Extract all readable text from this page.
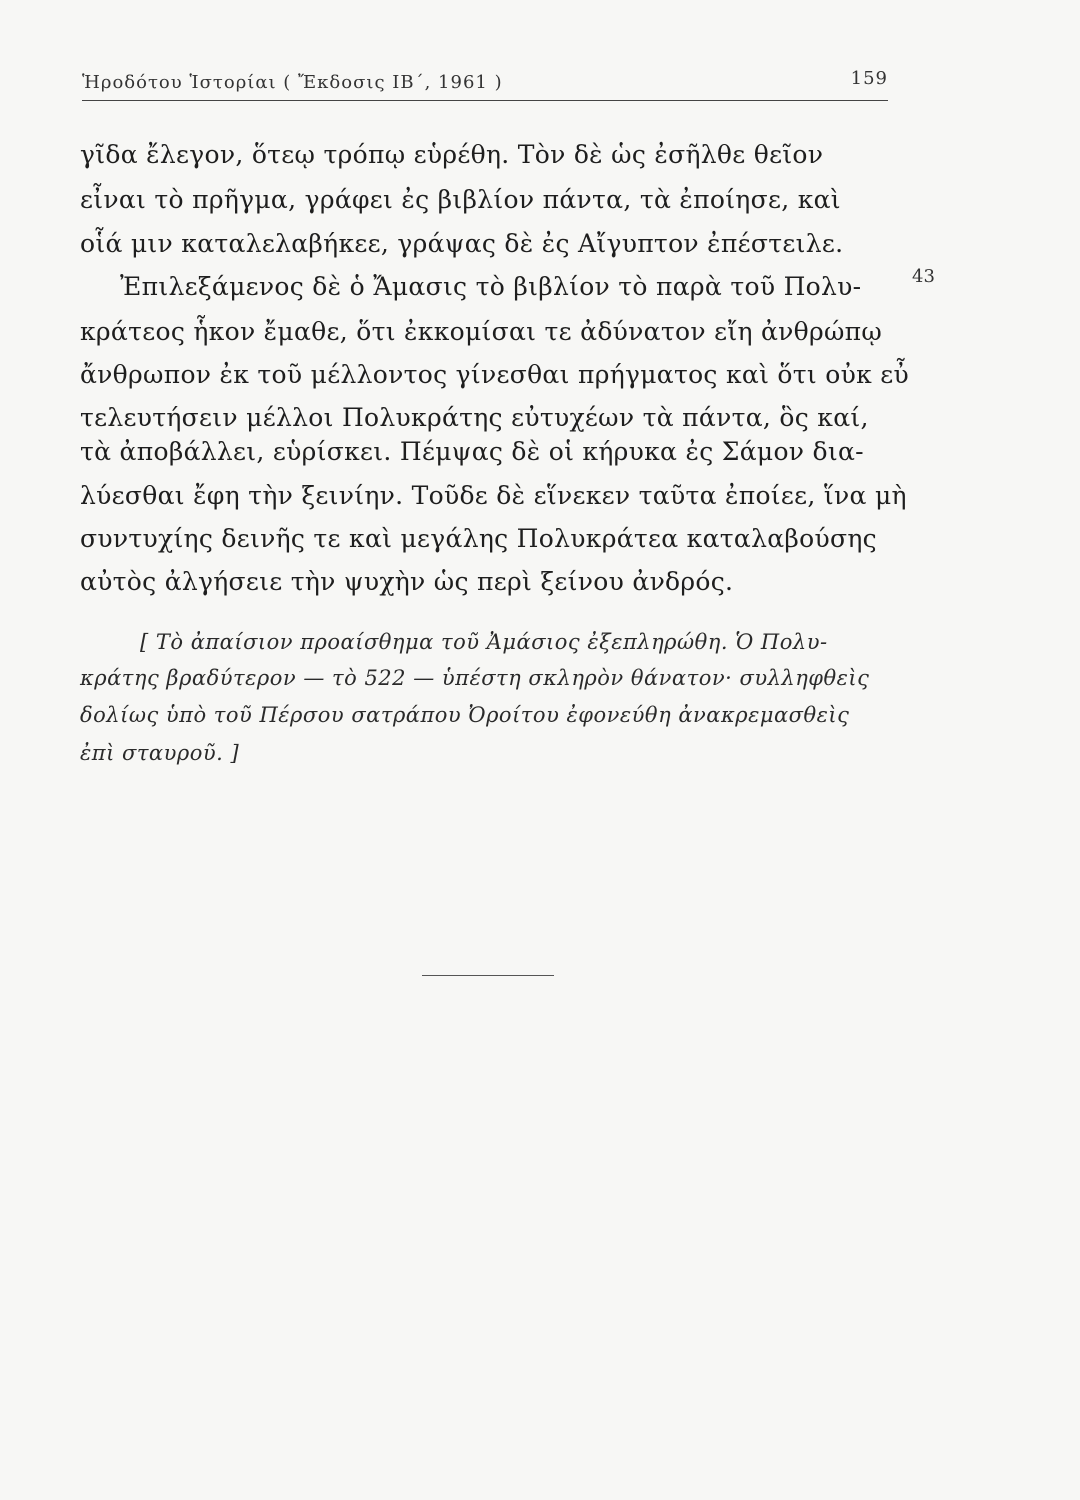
Ἡροδότου Ἱστορίαι ( Ἔκδοσις ΙΒ΄, 1961 )	159
γῖδα ἔλεγον, ὅτεῳ τρόπῳ εὑρέθη. Τὸν δὲ ὡς ἐσῆλθε θεῖον
εἶναι τὸ πρῆγμα, γράφει ἐς βιβλίον πάντα, τὰ ἐποίησε, καὶ
οἷά μιν καταλελαβήκεε, γράψας δὲ ἐς Αἴγυπτον ἐπέστειλε.
Ἐπιλεξάμενος δὲ ὁ Ἄμασις τὸ βιβλίον τὸ παρὰ τοῦ Πολυ-
κράτεος ἧκον ἔμαθε, ὅτι ἐκκομίσαι τε ἀδύνατον εἴη ἀνθρώπῳ
ἄνθρωπον ἐκ τοῦ μέλλοντος γίνεσθαι πρήγματος καὶ ὅτι οὐκ εὖ
τελευτήσειν μέλλοι Πολυκράτης εὐτυχέων τὰ πάντα, ὃς καί,
τὰ ἀποβάλλει, εὑρίσκει. Πέμψας δὲ οἱ κήρυκα ἐς Σάμον δια-
λύεσθαι ἔφη τὴν ξεινίην. Τοῦδε δὲ εἵνεκεν ταῦτα ἐποίεε, ἵνα μὴ
συντυχίης δεινῆς τε καὶ μεγάλης Πολυκράτεα καταλαβούσης
αὐτὸς ἀλγήσειε τὴν ψυχὴν ὡς περὶ ξείνου ἀνδρός.
43
[ Τὸ ἀπαίσιον προαίσθημα τοῦ Ἀμάσιος ἐξεπληρώθη. Ὁ Πολυ-
κράτης βραδύτερον — τὸ 522 — ὑπέστη σκληρὸν θάνατον· συλληφθεὶς
δολίως ὑπὸ τοῦ Πέρσου σατράπου Ὀροίτου ἐφονεύθη ἀνακρεμασθεὶς
ἐπὶ σταυροῦ. ]
